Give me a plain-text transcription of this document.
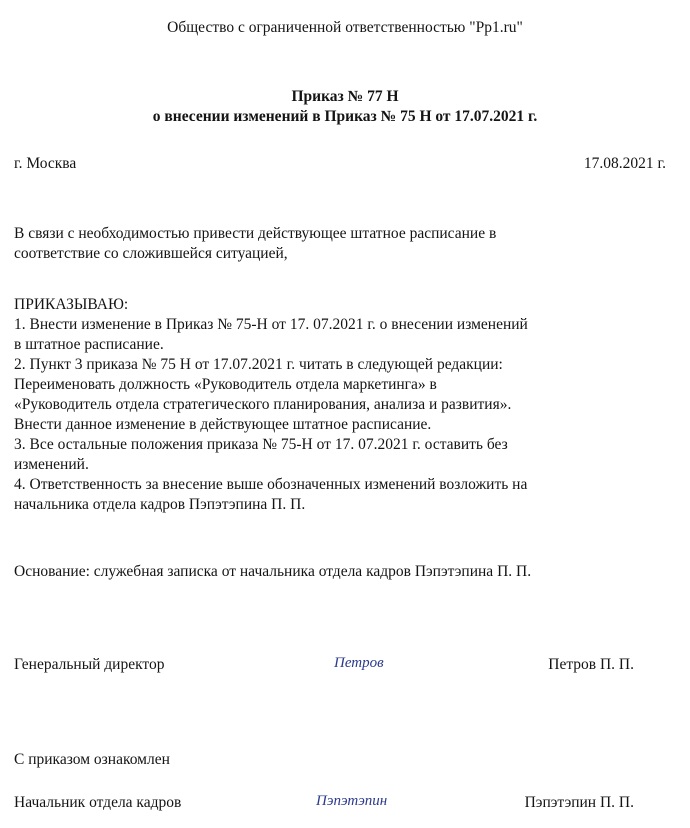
Общество с ограниченной ответственностью "Рр1.ru"
Приказ № 77 Н
о внесении изменений в Приказ № 75 Н от 17.07.2021 г.
г. Москва	17.08.2021 г.
В связи с необходимостью привести действующее штатное расписание в
соответствие со сложившейся ситуацией,
ПРИКАЗЫВАЮ:
1. Внести изменение в Приказ № 75-Н от 17. 07.2021 г. о внесении изменений
в штатное расписание.
2. Пункт 3 приказа № 75 Н от 17.07.2021 г. читать в следующей редакции:
Переименовать должность «Руководитель отдела маркетинга» в
«Руководитель отдела стратегического планирования, анализа и развития».
Внести данное изменение в действующее штатное расписание.
3. Все остальные положения приказа № 75-Н от 17. 07.2021 г. оставить без
изменений.
4. Ответственность за внесение выше обозначенных изменений возложить на
начальника отдела кадров Пэпэтэпина П. П.
Основание: служебная записка от начальника отдела кадров Пэпэтэпина П. П.
Генеральный директор	Петров	Петров П. П.
С приказом ознакомлен
Начальник отдела кадров	Пэпэтэпин	Пэпэтэпин П. П.
